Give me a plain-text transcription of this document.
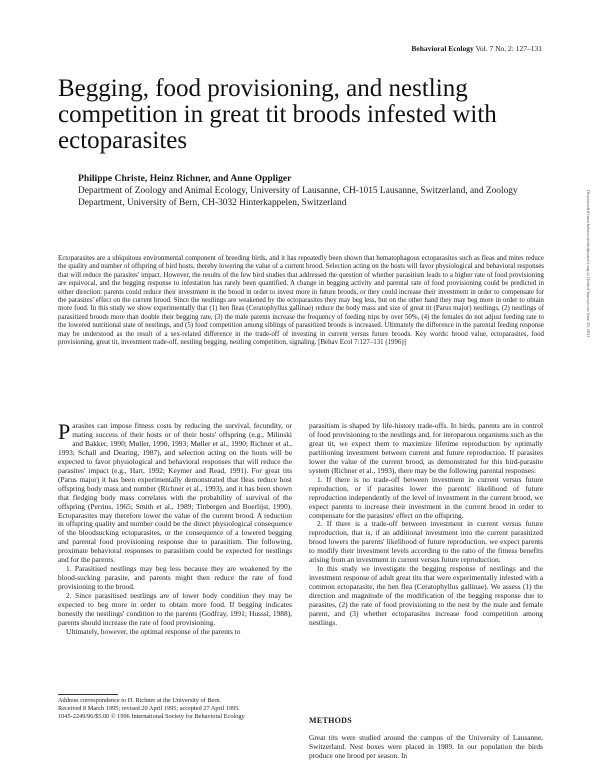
Behavioral Ecology Vol. 7 No. 2: 127–131
Begging, food provisioning, and nestling competition in great tit broods infested with ectoparasites
Philippe Christe, Heinz Richner, and Anne Oppliger
Department of Zoology and Animal Ecology, University of Lausanne, CH-1015 Lausanne, Switzerland, and Zoology Department, University of Bern, CH-3032 Hinterkappelen, Switzerland

Ectoparasites are a ubiquitous environmental component of breeding birds, and it has repeatedly been shown that hematophagous ectoparasites such as fleas and mites reduce the quality and number of offspring of bird hosts, thereby lowering the value of a current brood. Selection acting on the hosts will favor physiological and behavioral responses that will reduce the parasites' impact. However, the results of the few bird studies that addressed the question of whether parasitism leads to a higher rate of food provisioning are equivocal, and the begging response to infestation has rarely been quantified. A change in begging activity and parental rate of food provisioning could be predicted in either direction: parents could reduce their investment in the brood in order to invest more in future broods, or they could increase their investment in order to compensate for the parasites' effect on the current brood. Since the nestlings are weakened by the ectoparasites they may beg less, but on the other hand they may beg more in order to obtain more food. In this study we show experimentally that (1) hen fleas (Ceratophyllus gallinae) reduce the body mass and size of great tit (Parus major) nestlings, (2) nestlings of parasitized broods more than double their begging rate, (3) the male parents increase the frequency of feeding trips by over 50%, (4) the females do not adjust feeding rate to the lowered nutritional state of nestlings, and (5) food competition among siblings of parasitized broods is increased. Ultimately the difference in the parental feeding response may be understood as the result of a sex-related difference in the trade-off of investing in current versus future broods. Key words: brood value, ectoparasites, food provisioning, great tit, investment trade-off, nestling begging, nestling competition, signaling. [Behav Ecol 7:127–131 (1996)]

Parasites can impose fitness costs by reducing the survival, fecundity, or mating success of their hosts or of their hosts' offspring (e.g., Milinski and Bakker, 1990; Møller, 1990, 1993; Møller et al., 1990; Richner et al., 1993; Schall and Dearing, 1987), and selection acting on the hosts will be expected to favor physiological and behavioral responses that will reduce the parasites' impact (e.g., Hart, 1992; Keymer and Read, 1991). For great tits (Parus major) it has been experimentally demonstrated that fleas reduce host offspring body mass and number (Richner et al., 1993), and it has been shown that fledging body mass correlates with the probability of survival of the offspring (Perrins, 1965; Smith et al., 1989; Tinbergen and Boerlijst, 1990). Ectoparasites may therefore lower the value of the current brood. A reduction in offspring quality and number could be the direct physiological consequence of the bloodsucking ectoparasites, or the consequence of a lowered begging and parental food provisioning response due to parasitism. The following, proximate behavioral responses to parasitism could be expected for nestlings and for the parents.

1. Parasitised nestlings may beg less because they are weakened by the blood-sucking parasite, and parents might then reduce the rate of food provisioning to the brood.

2. Since parasitised nestlings are of lower body condition they may be expected to beg more in order to obtain more food. If begging indicates honestly the nestlings' condition to the parents (Godfray, 1991; Husssl, 1988), parents should increase the rate of food provisioning.

Ultimately, however, the optimal response of the parents to

parasitism is shaped by life-history trade-offs. In birds, parents are in control of food provisioning to the nestlings and, for iteroparous organisms such as the great tit, we expect them to maximize lifetime reproduction by optimally partitioning investment between current and future reproduction. If parasites lower the value of the current brood, as demonstrated for this bird-parasite system (Richner et al., 1993), there may be the following parental responses:

1. If there is no trade-off between investment in current versus future reproduction, or if parasites lower the parents' likelihood of future reproduction independently of the level of investment in the current brood, we expect parents to increase their investment in the current brood in order to compensate for the parasites' effect on the offspring.

2. If there is a trade-off between investment in current versus future reproduction, that is, if an additional investment into the current parasitized brood lowers the parents' likelihood of future reproduction, we expect parents to modify their investment levels according to the ratio of the fitness benefits arising from an investment in current versus future reproduction.

In this study we investigate the begging response of nestlings and the investment response of adult great tits that were experimentally infested with a common ectoparasite, the hen flea (Ceratophyllus gallinae). We assess (1) the direction and magnitude of the modification of the begging response due to parasites, (2) the rate of food provisioning to the nest by the male and female parent, and (3) whether ectoparasites increase food competition among nestlings.

Address correspondence to H. Richner at the University of Bern.
Received 8 March 1995; revised 20 April 1995; accepted 27 April 1995.
1045-2249/96/$5.00 © 1996 International Society for Behavioral Ecology	METHODS

Great tits were studied around the campus of the University of Lausanne, Switzerland. Nest boxes were placed in 1989. In our population the birds produce one brood per season. In

Downloaded from beheco.oxfordjournals.org at Oxford Journals on June 29, 2011
